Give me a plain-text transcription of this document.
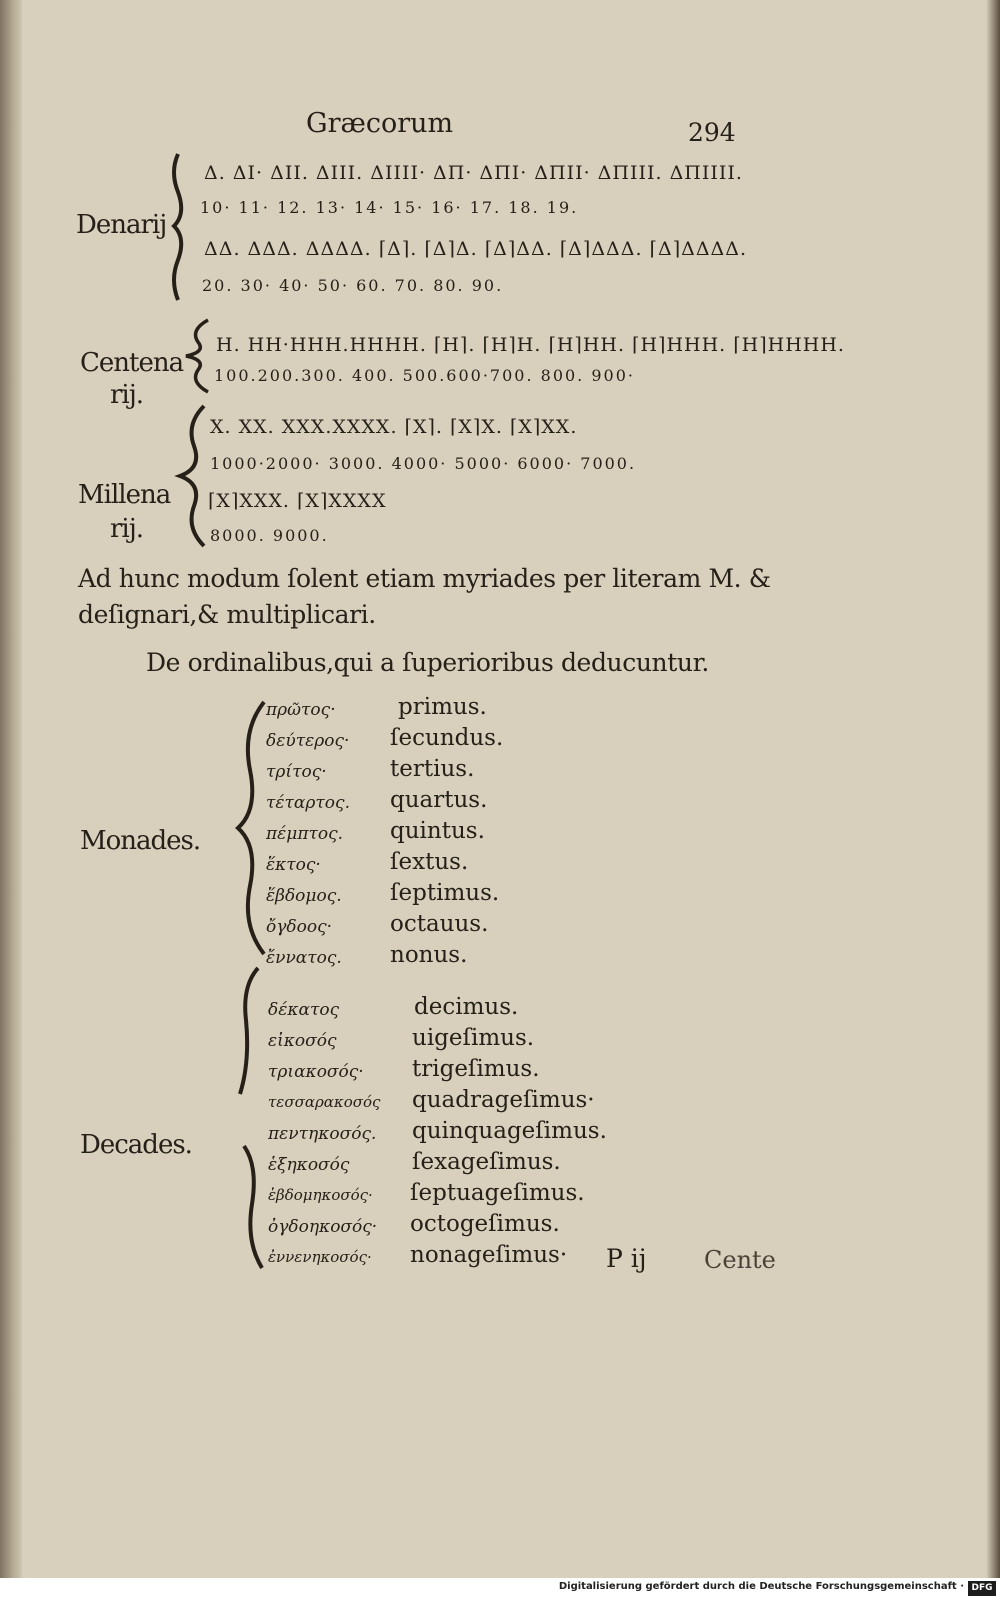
Græcorum	294
Denarij
Δ. ΔI· ΔII. ΔIII. ΔIIII· ΔΠ· ΔΠI· ΔΠII· ΔΠIII. ΔΠIIII.
10· 11· 12. 13· 14· 15· 16· 17. 18. 19.
ΔΔ. ΔΔΔ. ΔΔΔΔ. ⌈Δ⌉. ⌈Δ⌉Δ. ⌈Δ⌉ΔΔ. ⌈Δ⌉ΔΔΔ. ⌈Δ⌉ΔΔΔΔ.
20. 30· 40· 50· 60. 70. 80. 90.
Centena
rij.
H. HH·HHH.HHHH. ⌈H⌉. ⌈H⌉H. ⌈H⌉HH. ⌈H⌉HHH. ⌈H⌉HHHH.
100.200.300. 400. 500.600·700. 800. 900·
Millena
rij.
X. XX. XXX.XXXX. ⌈X⌉. ⌈X⌉X. ⌈X⌉XX.
1000·2000· 3000. 4000· 5000· 6000· 7000.
⌈X⌉XXX. ⌈X⌉XXXX
8000. 9000.
Ad hunc modum ſolent etiam myriades per literam M. &
deſignari,& multiplicari.
De ordinalibus,qui a ſuperioribus deducuntur.
Monades.
πρῶτος·	primus.
δεύτερος· ſecundus.
τρίτος·	tertius.
τέταρτος. quartus.
πέμπτος. quintus.
ἕκτος·	ſextus.
ἕβδομος. ſeptimus.
ὄγδοος·	octauus.
ἔννατος. nonus.
Decades.
δέκατος	decimus.
εἰκοσός	uigeſimus.
τριακοσός· trigeſimus.
τεσσαρακοσός quadrageſimus·
πεντηκοσός. quinquageſimus.
ἑξηκοσός	ſexageſimus.
ἑβδομηκοσός· ſeptuageſimus.
ὀγδοηκοσός· octogeſimus.
ἐννενηκοσός· nonageſimus· P ij Cente
Digitalisierung gefördert durch die Deutsche Forschungsgemeinschaft · DFG
